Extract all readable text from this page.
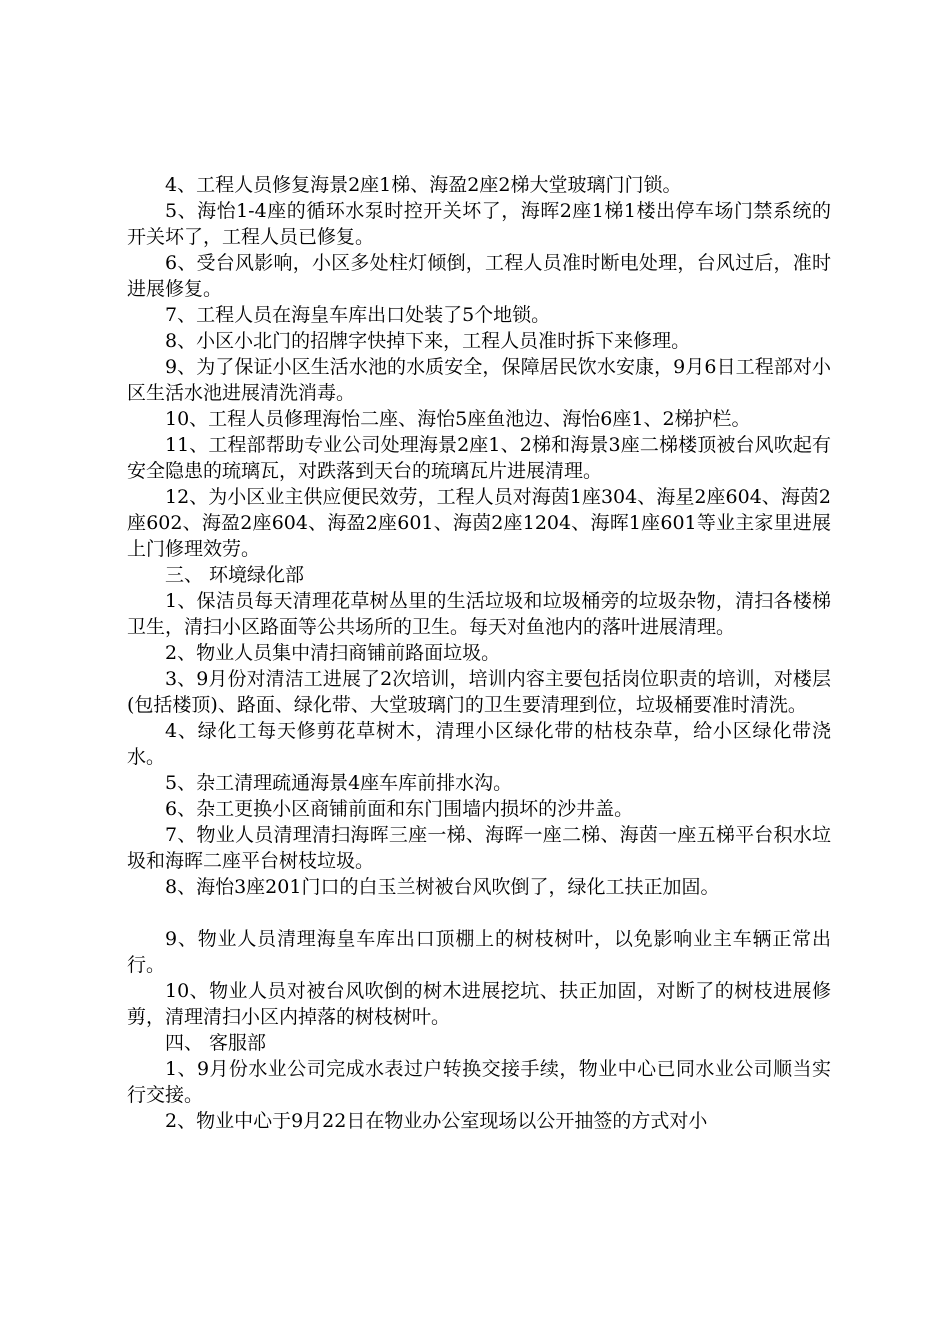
4、工程人员修复海景2座1梯、海盈2座2梯大堂玻璃门门锁。

5、海怡1-4座的循环水泵时控开关坏了，海晖2座1梯1楼出停车场门禁系统的开关坏了，工程人员已修复。

6、受台风影响，小区多处柱灯倾倒，工程人员准时断电处理，台风过后，准时进展修复。

7、工程人员在海皇车库出口处装了5个地锁。

8、小区小北门的招牌字快掉下来，工程人员准时拆下来修理。

9、为了保证小区生活水池的水质安全，保障居民饮水安康，9月6日工程部对小区生活水池进展清洗消毒。

10、工程人员修理海怡二座、海怡5座鱼池边、海怡6座1、2梯护栏。

11、工程部帮助专业公司处理海景2座1、2梯和海景3座二梯楼顶被台风吹起有安全隐患的琉璃瓦，对跌落到天台的琉璃瓦片进展清理。

12、为小区业主供应便民效劳，工程人员对海茵1座304、海星2座604、海茵2座602、海盈2座604、海盈2座601、海茵2座1204、海晖1座601等业主家里进展上门修理效劳。

三、 环境绿化部

1、保洁员每天清理花草树丛里的生活垃圾和垃圾桶旁的垃圾杂物，清扫各楼梯卫生，清扫小区路面等公共场所的卫生。每天对鱼池内的落叶进展清理。

2、物业人员集中清扫商铺前路面垃圾。

3、9月份对清洁工进展了2次培训，培训内容主要包括岗位职责的培训，对楼层(包括楼顶)、路面、绿化带、大堂玻璃门的卫生要清理到位，垃圾桶要准时清洗。

4、绿化工每天修剪花草树木，清理小区绿化带的枯枝杂草，给小区绿化带浇水。

5、杂工清理疏通海景4座车库前排水沟。

6、杂工更换小区商铺前面和东门围墙内损坏的沙井盖。

7、物业人员清理清扫海晖三座一梯、海晖一座二梯、海茵一座五梯平台积水垃圾和海晖二座平台树枝垃圾。

8、海怡3座201门口的白玉兰树被台风吹倒了，绿化工扶正加固。

9、物业人员清理海皇车库出口顶棚上的树枝树叶，以免影响业主车辆正常出行。

10、物业人员对被台风吹倒的树木进展挖坑、扶正加固，对断了的树枝进展修剪，清理清扫小区内掉落的树枝树叶。

四、 客服部

1、9月份水业公司完成水表过户转换交接手续，物业中心已同水业公司顺当实行交接。

2、物业中心于9月22日在物业办公室现场以公开抽签的方式对小
